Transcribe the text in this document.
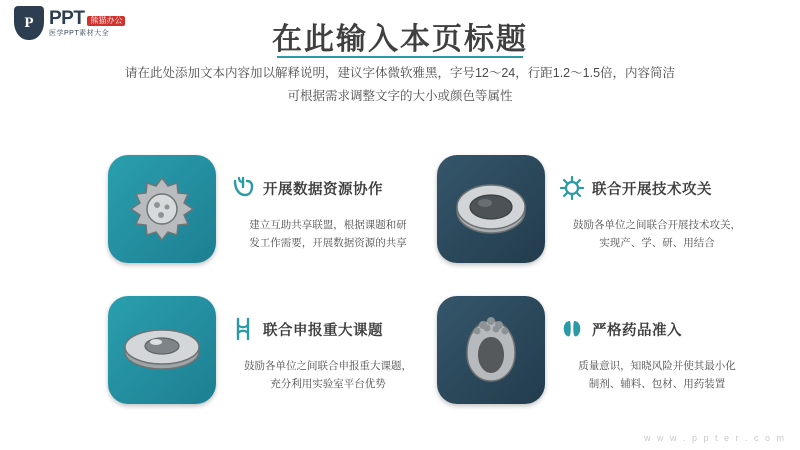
P PPT 熊猫办公
医学PPT素材大全	在此输入本页标题
请在此处添加文本内容加以解释说明，建议字体微软雅黑，字号12～24，行距1.2～1.5倍，内容简洁
可根据需求调整文字的大小或颜色等属性
开展数据资源协作
建立互助共享联盟，根据课题和研
发工作需要，开展数据资源的共享
联合开展技术攻关
鼓励各单位之间联合开展技术攻关，
实现产、学、研、用结合
联合申报重大课题
鼓励各单位之间联合申报重大课题，
充分利用实验室平台优势
严格药品准入
质量意识，知晓风险并使其最小化
制剂、辅料、包材、用药装置
w w w . p p t e r . c o m
